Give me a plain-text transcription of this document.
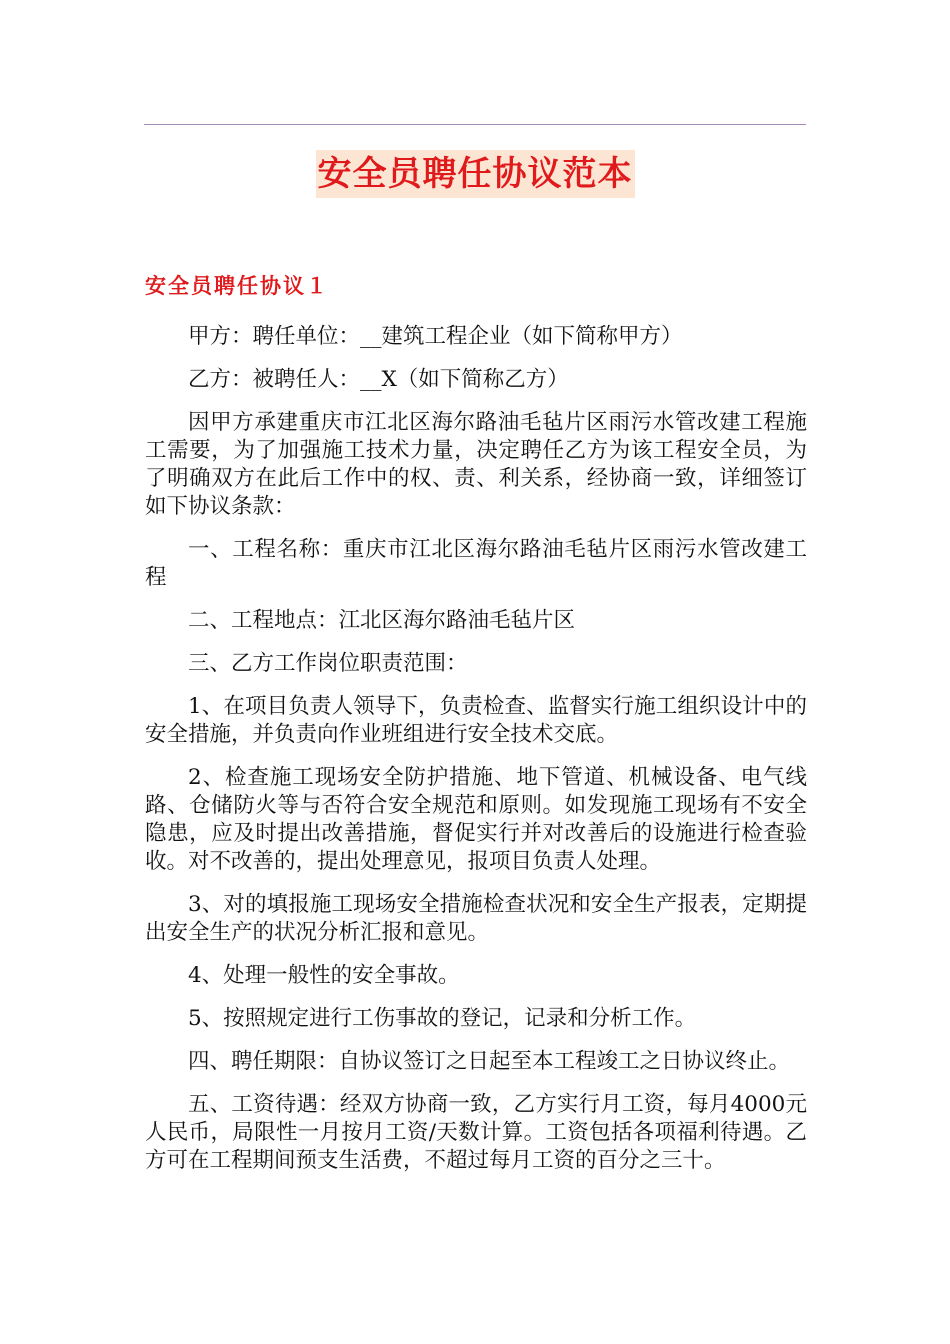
安全员聘任协议范本
安全员聘任协议１

甲方：聘任单位：__建筑工程企业（如下简称甲方）

乙方：被聘任人：__X（如下简称乙方）

因甲方承建重庆市江北区海尔路油毛毡片区雨污水管改建工程施工需要，为了加强施工技术力量，决定聘任乙方为该工程安全员，为了明确双方在此后工作中的权、责、利关系，经协商一致，详细签订如下协议条款：

一、工程名称：重庆市江北区海尔路油毛毡片区雨污水管改建工程

二、工程地点：江北区海尔路油毛毡片区

三、乙方工作岗位职责范围：

1、在项目负责人领导下，负责检查、监督实行施工组织设计中的安全措施，并负责向作业班组进行安全技术交底。

2、检查施工现场安全防护措施、地下管道、机械设备、电气线路、仓储防火等与否符合安全规范和原则。如发现施工现场有不安全隐患，应及时提出改善措施，督促实行并对改善后的设施进行检查验收。对不改善的，提出处理意见，报项目负责人处理。

3、对的填报施工现场安全措施检查状况和安全生产报表，定期提出安全生产的状况分析汇报和意见。

4、处理一般性的安全事故。

5、按照规定进行工伤事故的登记，记录和分析工作。

四、聘任期限：自协议签订之日起至本工程竣工之日协议终止。

五、工资待遇：经双方协商一致，乙方实行月工资，每月4000元人民币，局限性一月按月工资/天数计算。工资包括各项福利待遇。乙方可在工程期间预支生活费，不超过每月工资的百分之三十。
